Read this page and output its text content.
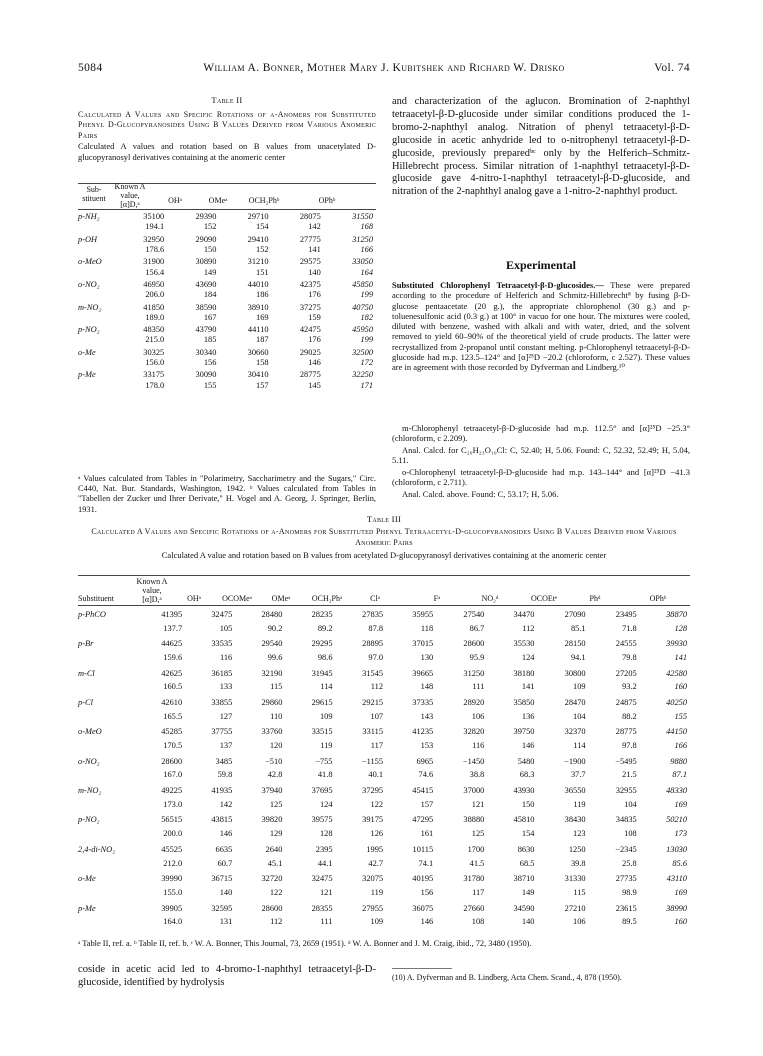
5084	William A. Bonner, Mother Mary J. Kubitshek and Richard W. Drisko	Vol. 74
Table II
Calculated A Values and Specific Rotations of α-Anomers for Substituted Phenyl D-Glucopyranosides Using B Values Derived from Various Anomeric Pairs
Calculated A values and rotation based on B values from unacetylated D-glucopyranosyl derivatives containing at the anomeric center
Sub-stituent
Known A value, [α]D,ᵃ	OHᵃ	OMeᵃ	OCH₂Phᵇ	OPhᵇ
p-NH₂	35100	29390	29710	28075	31550
	194.1	152	154	142	168
p-OH	32950	29090	29410	27775	31250
	178.6	150	152	141	166
o-MeO	31900	30890	31210	29575	33050
	156.4	149	151	140	164
o-NO₂	46950	43690	44010	42375	45850
	206.0	184	186	176	199
m-NO₂	41850	38590	38910	37275	40750
	189.0	167	169	159	182
p-NO₂	48350	43790	44110	42475	45950
	215.0	185	187	176	199
o-Me	30325	30340	30660	29025	32500
	156.0	156	158	146	172
p-Me	33175	30090	30410	28775	32250
	178.0	155	157	145	171
ᵃ Values calculated from Tables in "Polarimetry, Saccharimetry and the Sugars," Circ. C440, Nat. Bur. Standards, Washington, 1942. ᵇ Values calculated from Tables in "Tabellen der Zucker und Ihrer Derivate," H. Vogel and A. Georg, J. Springer, Berlin, 1931.
and characterization of the aglucon. Bromination of 2-naphthyl tetraacetyl-β-D-glucoside under similar conditions produced the 1-bromo-2-naphthyl analog. Nitration of phenyl tetraacetyl-β-D-glucoside in acetic anhydride led to o-nitrophenyl tetraacetyl-β-D-glucoside, previously preparedᵇᶜ only by the Helferich–Schmitz-Hillebrecht process. Similar nitration of 1-naphthyl tetraacetyl-β-D-glucoside gave 4-nitro-1-naphthyl tetraacetyl-β-D-glucoside, and nitration of the 2-naphthyl analog gave a 1-nitro-2-naphthyl product.
Experimental
Substituted Chlorophenyl Tetraacetyl-β-D-glucosides.— These were prepared according to the procedure of Helferich and Schmitz-Hillebrecht⁸ by fusing β-D-glucose pentaacetate (20 g.), the appropriate chlorophenol (30 g.) and p-toluenesulfonic acid (0.3 g.) at 100° in vacuo for one hour. The mixtures were cooled, diluted with benzene, washed with alkali and with water, dried, and the solvent removed to yield 60–90% of the theoretical yield of crude products. The latter were recrystallized from 2-propanol until constant melting. p-Chlorophenyl tetraacetyl-β-D-glucoside had m.p. 123.5–124° and [α]²⁵D −20.2 (chloroform, c 2.527). These values are in agreement with those recorded by Dyfverman and Lindberg.¹⁰
m-Chlorophenyl tetraacetyl-β-D-glucoside had m.p. 112.5° and [α]²⁵D −25.3° (chloroform, c 2.209).
Anal. Calcd. for C₂₀H₂₃O₁₀Cl: C, 52.40; H, 5.06. Found: C, 52.32, 52.49; H, 5.04, 5.11.
o-Chlorophenyl tetraacetyl-β-D-glucoside had m.p. 143–144° and [α]²⁵D −41.3 (chloroform, c 2.711).
Anal. Calcd. above. Found: C, 53.17; H, 5.06.
Table III
Calculated A Values and Specific Rotations of α-Anomers for Substituted Phenyl Tetraacetyl-D-glucopyranosides Using B Values Derived from Various Anomeric Pairs
Calculated A value and rotation based on B values from acetylated D-glucopyranosyl derivatives containing at the anomeric center
Substituent
Known A value, [α]D,ᵃ	OHᵃ	OCOMeᵃ	OMeᵃ	OCH₂Phᵃ	Clᵃ	Fᵃ	NO₂ᵈ	OCOEtᵉ	Phᵈ	OPhᵇ
p-PhCO	41395	32475	28480	28235	27835	35955	27540	34470	27090	23495	38870
	137.7	105	90.2	89.2	87.8	118	86.7	112	85.1	71.8	128
p-Br	44625	33535	29540	29295	28895	37015	28600	35530	28150	24555	39930
	159.6	116	99.6	98.6	97.0	130	95.9	124	94.1	79.8	141
m-Cl	42625	36185	32190	31945	31545	39665	31250	38180	30800	27205	42580
	160.5	133	115	114	112	148	111	141	109	93.2	160
p-Cl	42610	33855	29860	29615	29215	37335	28920	35850	28470	24875	40250
	165.5	127	110	109	107	143	106	136	104	88.2	155
o-MeO	45285	37755	33760	33515	33115	41235	32820	39750	32370	28775	44150
	170.5	137	120	119	117	153	116	146	114	97.8	166
o-NO₂	28600	3485	−510	−755	−1155	6965	−1450	5480	−1900	−5495	9880
	167.0	59.8	42.8	41.8	40.1	74.6	38.8	68.3	37.7	21.5	87.1
m-NO₂	49225	41935	37940	37695	37295	45415	37000	43930	36550	32955	48330
	173.0	142	125	124	122	157	121	150	119	104	169
p-NO₂	56515	43815	39820	39575	39175	47295	38880	45810	38430	34835	50210
	200.0	146	129	128	126	161	125	154	123	108	173
2,4-di-NO₂	45525	6635	2640	2395	1995	10115	1700	8630	1250	−2345	13030
	212.0	60.7	45.1	44.1	42.7	74.1	41.5	68.5	39.8	25.8	85.6
o-Me	39990	36715	32720	32475	32075	40195	31780	38710	31330	27735	43110
	155.0	140	122	121	119	156	117	149	115	98.9	169
p-Me	39905	32595	28600	28355	27955	36075	27660	34590	27210	23615	38990
	164.0	131	112	111	109	146	108	140	106	89.5	160
ᵃ Table II, ref. a. ᵇ Table II, ref. b. ᶜ W. A. Bonner, This Journal, 73, 2659 (1951). ᵈ W. A. Bonner and J. M. Craig, ibid., 72, 3480 (1950).
coside in acetic acid led to 4-bromo-1-naphthyl tetraacetyl-β-D-glucoside, identified by hydrolysis	(10) A. Dyfverman and B. Lindberg, Acta Chem. Scand., 4, 878 (1950).
